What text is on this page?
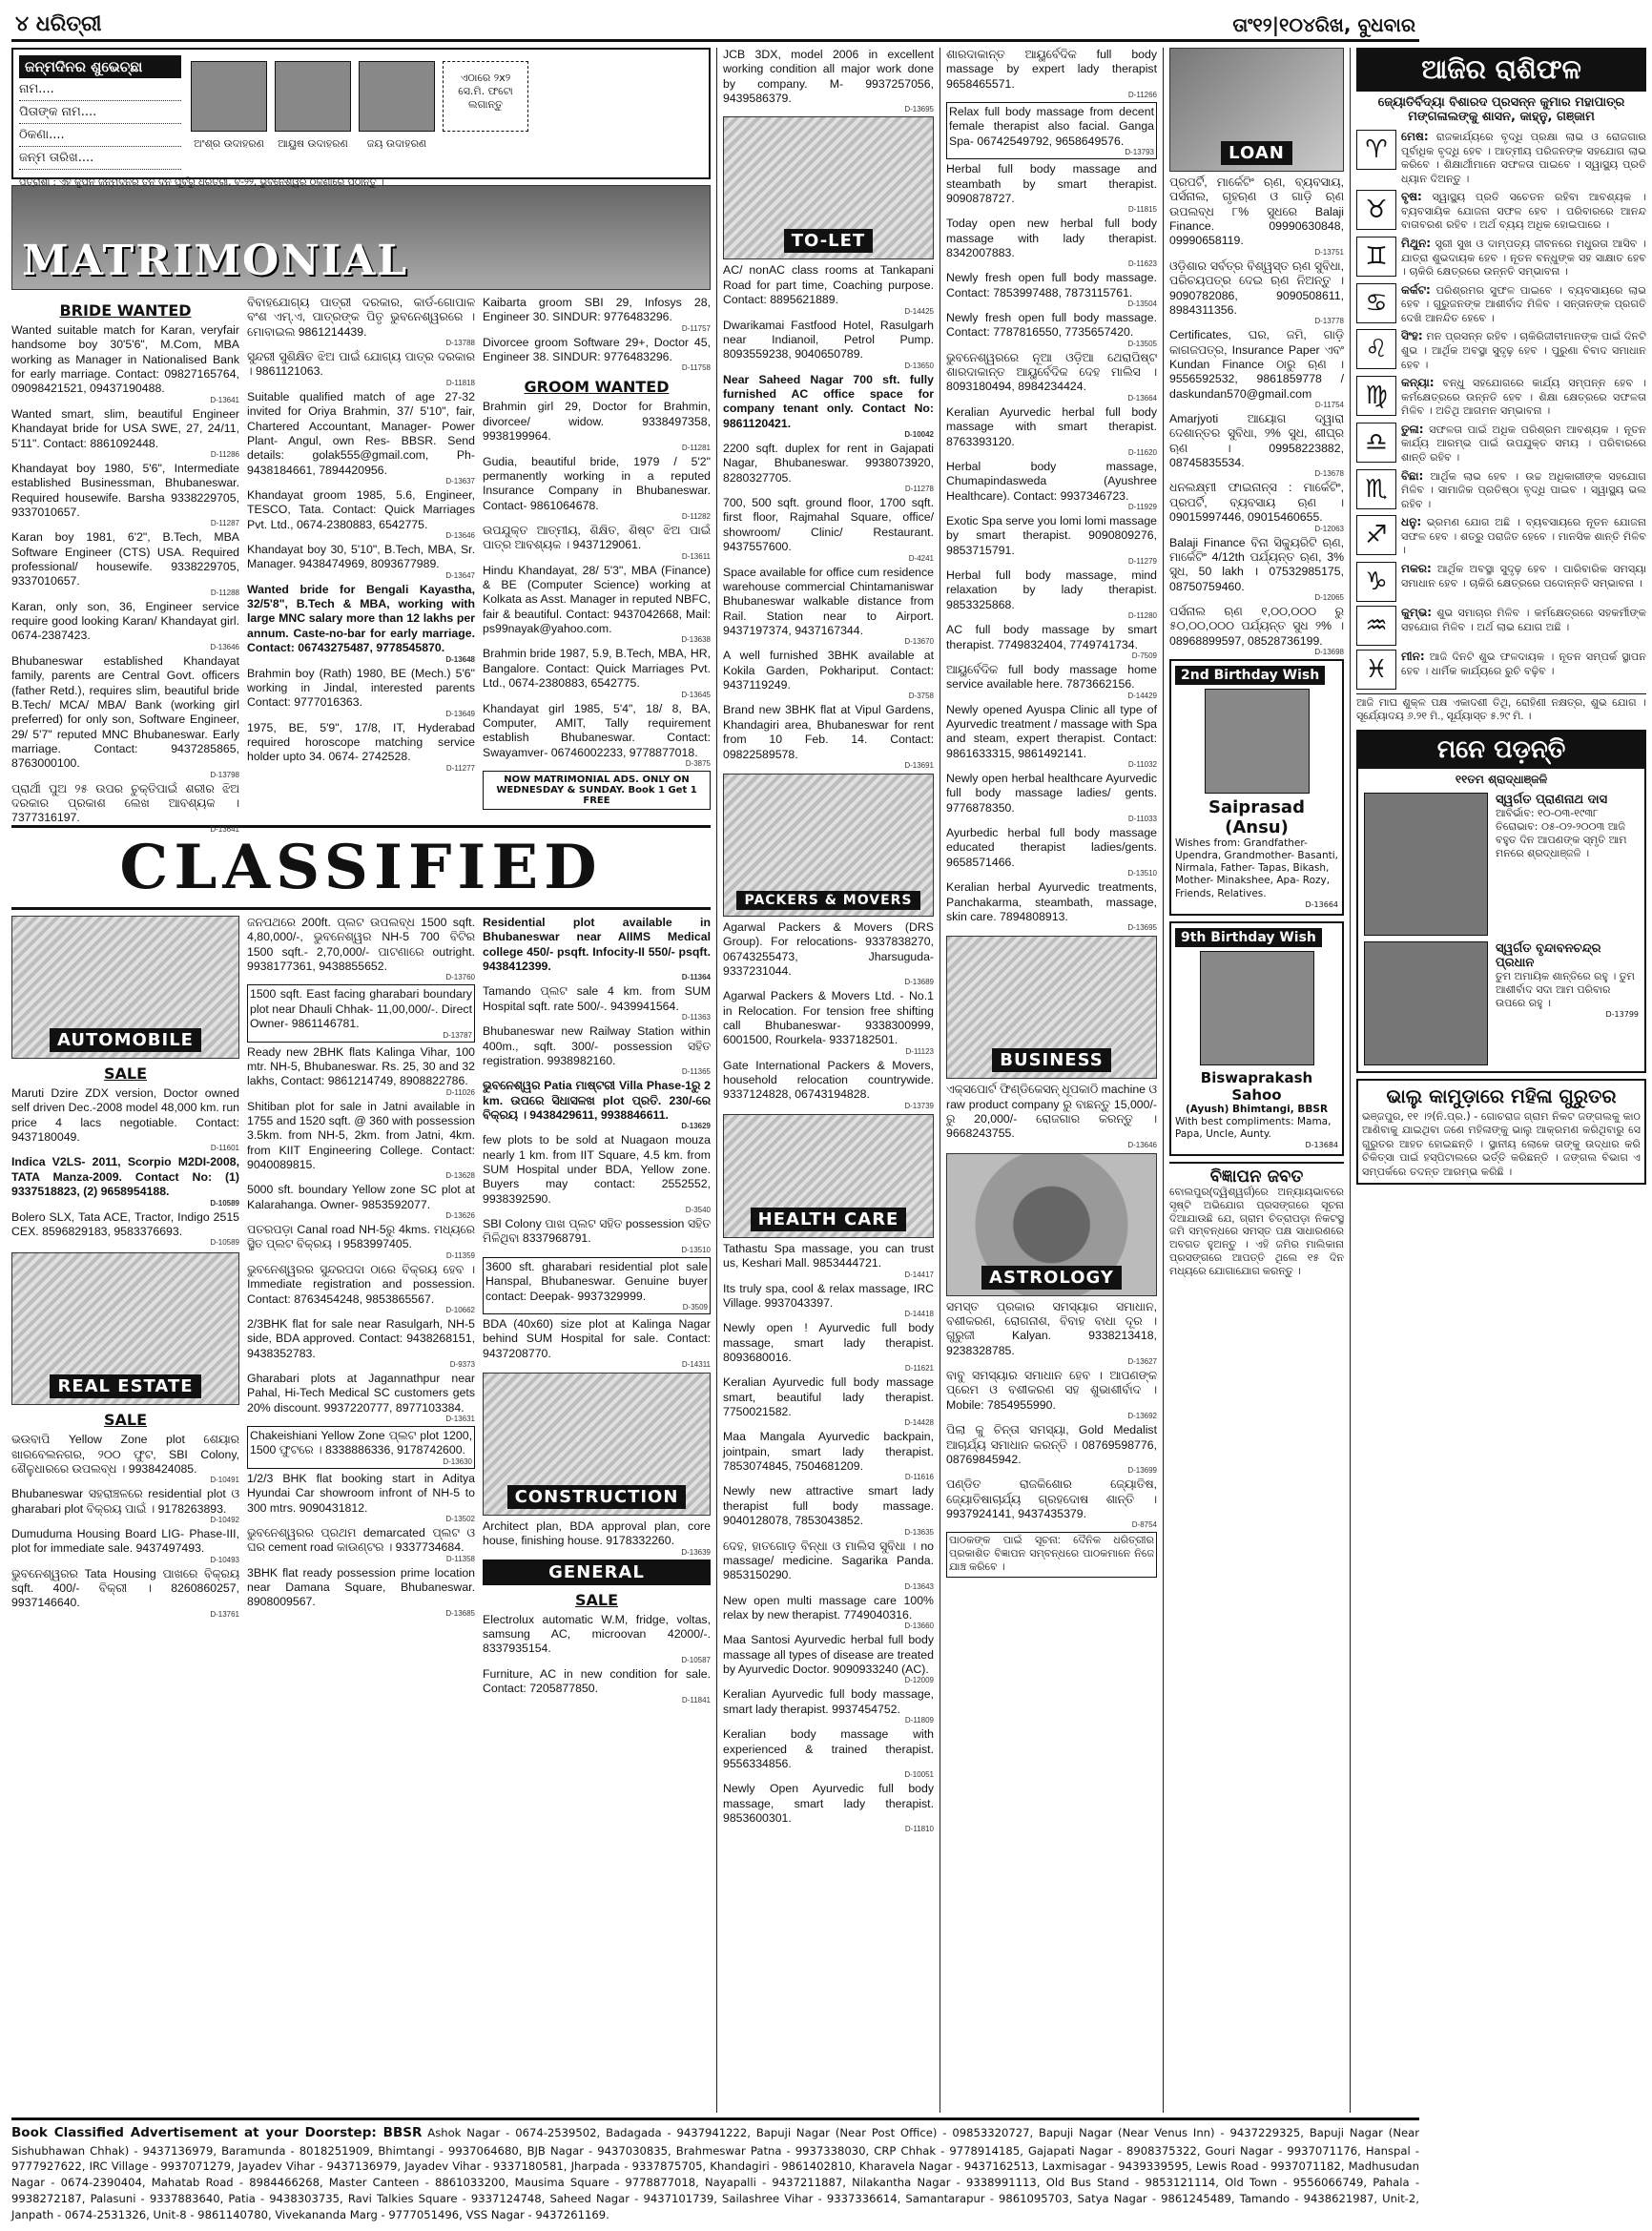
୪ ଧରିତ୍ରୀ	ତାଂ୧୨|୧୦୪ରିଖ, ବୁଧବାର
ଜନ୍ମଦିନର ଶୁଭେଚ୍ଛା
ନାମ....
ପିତାଙ୍କ ନାମ....
ଠିକଣା....
ଜନ୍ମ ତାରିଖ....
ଏଠାରେ ୨x୨ ସେ.ମି. ଫଟୋ ଲଗାନ୍ତୁ
ଅଂଶ୍ର ଉଦାହରଣ ଆୟୁଷ ଉଦାହରଣ	ଜୟ ଉଦାହରଣ
ପତ୍ରାଶା : ଏହି କୁପନ ଜନ୍ମଦିନର ତିନି ଦିନ ପୂର୍ବରୁ ଧରିତ୍ରୀ, ବି-୨୨, ଭୁବନେଶ୍ୱର ଠିକଣାରେ ପଠାନ୍ତୁ ।
MATRIMONIAL
BRIDE WANTED
Wanted suitable match for Karan, veryfair handsome boy 30'5'6", M.Com, MBA working as Manager in Nationalised Bank for early marriage. Contact: 09827165764, 09098421521, 09437190488.
D-13641
Wanted smart, slim, beautiful Engineer Khandayat bride for USA SWE, 27, 24/11, 5'11". Contact: 8861092448.
D-11286
Khandayat boy 1980, 5'6", Intermediate established Businessman, Bhubaneswar. Required housewife. Barsha 9338229705, 9337010657.
D-11287
Karan boy 1981, 6'2", B.Tech, MBA Software Engineer (CTS) USA. Required professional/ housewife. 9338229705, 9337010657.
D-11288
Karan, only son, 36, Engineer service require good looking Karan/ Khandayat girl. 0674-2387423.
D-13646
Bhubaneswar established Khandayat family, parents are Central Govt. officers (father Retd.), requires slim, beautiful bride B.Tech/ MCA/ MBA/ Bank (working girl preferred) for only son, Software Engineer, 29/ 5'7" reputed MNC Bhubaneswar. Early marriage. Contact: 9437285865, 8763000100.
D-13798
ପ୍ରାର୍ଥୀ ପୁଅ ୨୫ ଉପର ଚୁକ୍ତିପାଇଁ ଶରୀର ଝିଅ ଦରକାର ପ୍ରକାଶ ଲେଖ ଆବଶ୍ୟକ । 7377316197.
D-13641
ବିବାହଯୋଗ୍ୟ ପାତ୍ରୀ ଦରକାର, କାର୍ଡ-ଗୋପାଳ ବଂଶ ଏମ୍.ଏ, ପାତ୍ରଙ୍କ ପିତୃ ଭୁବନେଶ୍ୱରରେ । ମୋବାଇଲ 9861214439.
D-13788
ସୁନ୍ଦରୀ ସୁଶିକ୍ଷିତ ଝିଅ ପାଇଁ ଯୋଗ୍ୟ ପାତ୍ର ଦରକାର । 9861121063.
D-11818
Suitable qualified match of age 27-32 invited for Oriya Brahmin, 37/ 5'10", fair, Chartered Accountant, Manager- Power Plant- Angul, own Res- BBSR. Send details: golak555@gmail.com, Ph-9438184661, 7894420956.
D-13637
Khandayat groom 1985, 5.6, Engineer, TESCO, Tata. Contact: Quick Marriages Pvt. Ltd., 0674-2380883, 6542775.
D-13646
Khandayat boy 30, 5'10", B.Tech, MBA, Sr. Manager. 9438474969, 8093677989.
D-13647
Wanted bride for Bengali Kayastha, 32/5'8", B.Tech & MBA, working with large MNC salary more than 12 lakhs per annum. Caste-no-bar for early marriage. Contact: 06743275487, 9778545870.
D-13648
Brahmin boy (Rath) 1980, BE (Mech.) 5'6" working in Jindal, interested parents Contact: 9777016363.
D-13649
1975, BE, 5'9", 17/8, IT, Hyderabad required horoscope matching service holder upto 34. 0674- 2742528.
D-11277
Kaibarta groom SBI 29, Infosys 28, Engineer 30. SINDUR: 9776483296.
D-11757
Divorcee groom Software 29+, Doctor 45, Engineer 38. SINDUR: 9776483296.
D-11758
GROOM WANTED
Brahmin girl 29, Doctor for Brahmin, divorcee/ widow. 9338497358, 9938199964.
D-11281
Gudia, beautiful bride, 1979 / 5'2" permanently working in a reputed Insurance Company in Bhubaneswar. Contact- 9861064678.
D-11282
ଉପଯୁକ୍ତ ଆତ୍ମୀୟ, ଶିକ୍ଷିତ, ଶିଷ୍ଟ ଝିଅ ପାଇଁ ପାତ୍ର ଆବଶ୍ୟକ । 9437129061.
D-13611
Hindu Khandayat, 28/ 5'3", MBA (Finance) & BE (Computer Science) working at Kolkata as Asst. Manager in reputed NBFC, fair & beautiful. Contact: 9437042668, Mail: ps99nayak@yahoo.com.
D-13638
Brahmin bride 1987, 5.9, B.Tech, MBA, HR, Bangalore. Contact: Quick Marriages Pvt. Ltd., 0674-2380883, 6542775.
D-13645
Khandayat girl 1985, 5'4", 18/ 8, BA, Computer, AMIT, Tally requirement establish Bhubaneswar. Contact: Swayamver- 06746002233, 9778877018.
D-3875
NOW MATRIMONIAL ADS. ONLY ON WEDNESDAY & SUNDAY. Book 1 Get 1 FREE
CLASSIFIED
AUTOMOBILE
SALE
Maruti Dzire ZDX version, Doctor owned self driven Dec.-2008 model 48,000 km. run price 4 lacs negotiable. Contact: 9437180049.
D-11601
Indica V2LS- 2011, Scorpio M2DI-2008, TATA Manza-2009. Contact No: (1) 9337518823, (2) 9658954188.
D-10589
Bolero SLX, Tata ACE, Tractor, Indigo 2515 CEX. 8596829183, 9583376693.
D-10589
REAL ESTATE
SALE
ଭଉବାପି Yellow Zone plot ଶେୟାର ଖାରବେଲନଗର, ୨୦୦ ଫୁଟ, SBI Colony, ଶୈଳୁଧାରରେ ଉପଲବ୍ଧ । 9938424085.
D-10491
Bhubaneswar ସହରାଞ୍ଚଳରେ residential plot ଓ gharabari plot ବିକ୍ରୟ ପାଇଁ । 9178263893.
D-10492
Dumuduma Housing Board LIG- Phase-III, plot for immediate sale. 9437497493.
D-10493
ଭୁବନେଶ୍ୱରର Tata Housing ପାଖରେ ବିକ୍ରୟ sqft. 400/- ବିକ୍ରୀ । 8260860257, 9937146640.
D-13761
ଜନପଥରେ 200ft. ପ୍ଲଟ ଉପଲବ୍ଧ 1500 sqft. 4,80,000/-, ଭୁବନେଶ୍ୱର NH-5 700 ବିଟିର 1500 sqft.- 2,70,000/- ପାଟଣାରେ outright. 9938177361, 9438855652.
D-13760
1500 sqft. East facing gharabari boundary plot near Dhauli Chhak- 11,00,000/-. Direct Owner- 9861146781.
D-13787
Ready new 2BHK flats Kalinga Vihar, 100 mtr. NH-5, Bhubaneswar. Rs. 25, 30 and 32 lakhs, Contact: 9861214749, 8908822786.
D-11026
Shitiban plot for sale in Jatni available in 1755 and 1520 sqft. @ 360 with possession 3.5km. from NH-5, 2km. from Jatni, 4km. from KIIT Engineering College. Contact: 9040089815.
D-13628
5000 sft. boundary Yellow zone SC plot at Kalarahanga. Owner- 9853592077.
D-13626
ପତରପଡ଼ା Canal road NH-5ରୁ 4kms. ମଧ୍ୟରେ ସ୍ଥିତ ପ୍ଲଟ ବିକ୍ରୟ । 9583997405.
D-11359
ଭୁବନେଶ୍ୱରର ସୁନ୍ଦରପଦା ଠାରେ ବିକ୍ରୟ ହେବ । Immediate registration and possession. Contact: 8763454248, 9853865567.
D-10662
2/3BHK flat for sale near Rasulgarh, NH-5 side, BDA approved. Contact: 9438268151, 9438352783.
D-9373
Gharabari plots at Jagannathpur near Pahal, Hi-Tech Medical SC customers gets 20% discount. 9937220777, 8977103384.
D-13631
Chakeishiani Yellow Zone ପ୍ଲଟ plot 1200, 1500 ଫୁଟରେ । 8338886336, 9178742600.
D-13630
1/2/3 BHK flat booking start in Aditya Hyundai Car showroom infront of NH-5 to 300 mtrs. 9090431812.
D-13502
ଭୁବନେଶ୍ୱରର ପ୍ରଥମ demarcated ପ୍ଲଟ ଓ ଘର cement road କାଉଣ୍ଟର । 9337734684.
D-11358
3BHK flat ready possession prime location near Damana Square, Bhubaneswar. 8908009567.
D-13685
Residential plot available in Bhubaneswar near AIIMS Medical college 450/- psqft. Infocity-II 550/- psqft. 9438412399.
D-11364
Tamando ପ୍ଲଟ sale 4 km. from SUM Hospital sqft. rate 500/-. 9439941564.
D-11363
Bhubaneswar new Railway Station within 400m., sqft. 300/- possession ସହିତ registration. 9938982160.
D-11365
ଭୁବନେଶ୍ୱର Patia ମାଷ୍ଟରୀ Villa Phase-1ରୁ 2 km. ଉପରେ ସିଧାସଳଖ plot ପ୍ରତି. 230/-ରେ ବିକ୍ରୟ । 9438429611, 9938846611.
D-13629
few plots to be sold at Nuagaon mouza nearly 1 km. from IIT Square, 4.5 km. from SUM Hospital under BDA, Yellow zone. Buyers may contact: 2552552, 9938392590.
D-3540
SBI Colony ପାଖ ପ୍ଲଟ ସହିତ possession ସହିତ ମିଳିଥିବା 8337968791.
D-13510
3600 sft. gharabari residential plot sale Hanspal, Bhubaneswar. Genuine buyer contact: Deepak- 9937329999.
D-3509
BDA (40x60) size plot at Kalinga Nagar behind SUM Hospital for sale. Contact: 9437208770.
D-14311
CONSTRUCTION
Architect plan, BDA approval plan, core house, finishing house. 9178332260.
D-13639
GENERAL
SALE
Electrolux automatic W.M, fridge, voltas, samsung AC, microovan 42000/-. 8337935154.
D-10587
Furniture, AC in new condition for sale. Contact: 7205877850.
D-11841
JCB 3DX, model 2006 in excellent working condition all major work done by company. M- 9937257056, 9439586379.
D-13695
TO-LET
AC/ nonAC class rooms at Tankapani Road for part time, Coaching purpose. Contact: 8895621889.
D-14425
Dwarikamai Fastfood Hotel, Rasulgarh near Indianoil, Petrol Pump. 8093559238, 9040650789.
D-13650
Near Saheed Nagar 700 sft. fully furnished AC office space for company tenant only. Contact No: 9861120421.
D-10042
2200 sqft. duplex for rent in Gajapati Nagar, Bhubaneswar. 9938073920, 8280327705.
D-11278
700, 500 sqft. ground floor, 1700 sqft. first floor, Rajmahal Square, office/ showroom/ Clinic/ Restaurant. 9437557600.
D-4241
Space available for office cum residence warehouse commercial Chintamaniswar Bhubaneswar walkable distance from Rail. Station near to Airport. 9437197374, 9437167344.
D-13670
A well furnished 3BHK available at Kokila Garden, Pokhariput. Contact: 9437119249.
D-3758
Brand new 3BHK flat at Vipul Gardens, Khandagiri area, Bhubaneswar for rent from 10 Feb. 14. Contact: 09822589578.
D-13691
PACKERS & MOVERS
Agarwal Packers & Movers (DRS Group). For relocations- 9337838270, 06743255473, Jharsuguda- 9337231044.
D-13689
Agarwal Packers & Movers Ltd. - No.1 in Relocation. For tension free shifting call Bhubaneswar- 9338300999, 6001500, Rourkela- 9337182501.
D-11123
Gate International Packers & Movers, household relocation countrywide. 9337124828, 06743194828.
D-13739
HEALTH CARE
Tathastu Spa massage, you can trust us, Keshari Mall. 9853444721.
D-14417
Its truly spa, cool & relax massage, IRC Village. 9937043397.
D-14418
Newly open ! Ayurvedic full body massage, smart lady therapist. 8093680016.
D-11621
Keralian Ayurvedic full body massage smart, beautiful lady therapist. 7750021582.
D-14428
Maa Mangala Ayurvedic backpain, jointpain, smart lady therapist. 7853074845, 7504681209.
D-11616
Newly new attractive smart lady therapist full body massage. 9040128078, 7853043852.
D-13635
ଦେହ, ହାତଗୋଡ଼ ବିନ୍ଧା ଓ ମାଲିସ ସୁବିଧା । no massage/ medicine. Sagarika Panda. 9853150290.
D-13643
New open multi massage care 100% relax by new therapist. 7749040316.
D-13660
Maa Santosi Ayurvedic herbal full body massage all types of disease are treated by Ayurvedic Doctor. 9090933240 (AC).
D-12009
Keralian Ayurvedic full body massage, smart lady therapist. 9937454752.
D-11809
Keralian body massage with experienced & trained therapist. 9556334856.
D-10051
Newly Open Ayurvedic full body massage, smart lady therapist. 9853600301.
D-11810
ଶାରଦାକାନ୍ତ ଆୟୁର୍ବେଦିକ full body massage by expert lady therapist 9658465571.
D-11266
Relax full body massage from decent female therapist also facial. Ganga Spa- 06742549792, 9658649576.
D-13793
Herbal full body massage and steambath by smart therapist. 9090878727.
D-11815
Today open new herbal full body massage with lady therapist. 8342007883.
D-11623
Newly fresh open full body massage. Contact: 7853997488, 7873115761.
D-13504
Newly fresh open full body massage. Contact: 7787816550, 7735657420.
D-13505
ଭୁବନେଶ୍ୱରରେ ନୂଆ ଓଡ଼ିଆ ଥେରାପିଷ୍ଟ ଶାରଦାକାନ୍ତ ଆୟୁର୍ବେଦିକ ଦେହ ମାଲିସ । 8093180494, 8984234424.
D-13664
Keralian Ayurvedic herbal full body massage with smart therapist. 8763393120.
D-11620
Herbal body massage, Chumapindasweda (Ayushree Healthcare). Contact: 9937346723.
D-11929
Exotic Spa serve you lomi lomi massage by smart therapist. 9090809276, 9853715791.
D-11279
Herbal full body massage, mind relaxation by lady therapist. 9853325868.
D-11280
AC full body massage by smart therapist. 7749832404, 7749741734.
D-7509
ଆୟୁର୍ବେଦିକ full body massage home service available here. 7873662156.
D-14429
Newly opened Ayuspa Clinic all type of Ayurvedic treatment / massage with Spa and steam, expert therapist. Contact: 9861633315, 9861492141.
D-11032
Newly open herbal healthcare Ayurvedic full body massage ladies/ gents. 9776878350.
D-11033
Ayurbedic herbal full body massage educated therapist ladies/gents. 9658571466.
D-13510
Keralian herbal Ayurvedic treatments, Panchakarma, steambath, massage, skin care. 7894808913.
D-13695
BUSINESS
ଏକ୍ସପୋର୍ଟ ଫିଣ୍ଡିକେସନ୍ ଧୂପକାଠି machine ଓ raw product company ରୁ ବାଛନ୍ତୁ 15,000/- ରୁ 20,000/- ରୋଜଗାର କରନ୍ତୁ । 9668243755.
D-13646
ASTROLOGY
ସମସ୍ତ ପ୍ରକାର ସମସ୍ୟାର ସମାଧାନ, ବଶୀକରଣ, ରୋଗନାଶ, ବିବାହ ବାଧା ଦୂର । ଗୁରୁଜୀ Kalyan. 9338213418, 9238328785.
D-13627
ବାବୁ ସମସ୍ୟାର ସମାଧାନ ହେବ । ଆପଣଙ୍କ ପ୍ରେମ ଓ ବଶୀକରଣ ସହ ଶୁଭାଶୀର୍ବାଦ । Mobile: 7854955990.
D-13692
ପିଲା କୁ ଚିନ୍ତା ସମସ୍ୟା, Gold Medalist ଆଚାର୍ଯ୍ୟ ସମାଧାନ କରନ୍ତି । 08769598776, 08769845942.
D-13699
ପଣ୍ଡିତ ରାଜକିଶୋର ଜ୍ୟୋତିଷ, ଜ୍ୟୋତିଷାଚାର୍ଯ୍ୟ ଗ୍ରହଦୋଷ ଶାନ୍ତି । 9937924141, 9437435379.
D-8754
ପାଠକଙ୍କ ପାଇଁ ସୂଚନା: ଦୈନିକ ଧରିତ୍ରୀର ପ୍ରକାଶିତ ବିଜ୍ଞାପନ ସମ୍ବନ୍ଧରେ ପାଠକମାନେ ନିଜେ ଯାଞ୍ଚ କରିବେ ।
LOAN
ପ୍ରପର୍ଟି, ମାର୍କେଟିଂ ଋଣ, ବ୍ୟବସାୟ, ପର୍ସନାଲ, ଗୃହଋଣ ଓ ଗାଡ଼ି ଋଣ ଉପଲବ୍ଧ ୮% ସୁଧରେ Balaji Finance. 09990630848, 09990658119.
D-13751
ଓଡ଼ିଶାର ସର୍ବତ୍ର ବିଶ୍ୱସ୍ତ ଋଣ ସୁବିଧା, ପରିଚୟପତ୍ର ଦେଇ ଋଣ ନିଅନ୍ତୁ । 9090782086, 9090508611, 8984311356.
D-13778
Certificates, ଘର, ଜମି, ଗାଡ଼ି କାଗଜପତ୍ର, Insurance Paper ଏବଂ Kundan Finance ଠାରୁ ଋଣ । 9556592532, 9861859778 / daskundan570@gmail.com
D-11754
Amarjyoti ଆୟୋଗ ଦ୍ୱାରା ଦେଶାନ୍ତର ସୁବିଧା, ୨% ସୁଧ, ଶୀଘ୍ର ଋଣ । 09958223882, 08745835534.
D-13678
ଧନଲକ୍ଷ୍ମୀ ଫାଇନାନ୍ସ : ମାର୍କେଟିଂ, ପ୍ରପର୍ଟି, ବ୍ୟବସାୟ ଋଣ । 09015997446, 09015460655.
D-12063
Balaji Finance ବିନା ସିକ୍ୟୁରିଟି ଋଣ, ମାର୍କେଟିଂ 4/12th ପର୍ଯ୍ୟନ୍ତ ଋଣ, 3% ସୁଧ, 50 lakh । 07532985175, 08750759460.
D-12065
ପର୍ସନାଲ ଋଣ ୧,୦୦,୦୦୦ ରୁ ୫୦,୦୦,୦୦୦ ପର୍ଯ୍ୟନ୍ତ ସୁଧ ୨% । 08968899597, 08528736199.
D-13698
2nd Birthday Wish
Saiprasad (Ansu)
Wishes from: Grandfather- Upendra, Grandmother- Basanti, Nirmala, Father- Tapas, Bikash, Mother- Minakshee, Apa- Rozy, Friends, Relatives.
D-13664
9th Birthday Wish
Biswaprakash Sahoo
(Ayush) Bhimtangi, BBSR
With best compliments: Mama, Papa, Uncle, Aunty.
D-13684
ବିଜ୍ଞାପନ ଜବତ
ବୋଲପୁର(ଦ୍ୱିଶ୍ୱର୍ଗ)ରେ ଅନ୍ୟାୟଭାବରେ ସୃଷ୍ଟି ଅଭିଯୋଗ ପ୍ରସଙ୍ଗରେ ସୂଚନା ଦିଆଯାଉଛି ଯେ, ଗ୍ରାମ ଚିତ୍ରାପଡ଼ା ନିକଟସ୍ଥ ଜମି ସମ୍ବନ୍ଧରେ ସମସ୍ତ ପକ୍ଷ ସାଧାରଣରେ ଅବଗତ ହୁଅନ୍ତୁ । ଏହି ଜମିର ମାଲିକାନା ପ୍ରସଙ୍ଗରେ ଆପତ୍ତି ଥିଲେ ୧୫ ଦିନ ମଧ୍ୟରେ ଯୋଗାଯୋଗ କରନ୍ତୁ ।
ଆଜିର ରାଶିଫଳ
ଜ୍ୟୋତିର୍ବିଦ୍ୟା ବିଶାରଦ ପ୍ରସନ୍ନ କୁମାର ମହାପାତ୍ର ମଙ୍ଗଳାଲଙ୍କୁ ଶାସନ, କାହ୍ନୁ, ଗଞ୍ଜାମ
♈	ମେଷ: ରାଜକାର୍ଯ୍ୟରେ ବୃଦ୍ଧି ପ୍ରକ୍ଷା ଲାଭ ଓ ରୋଜଗାର ପୂର୍ବାଧିକ ବୃଦ୍ଧି ହେବ । ଆତ୍ମୀୟ ପରିଜନଙ୍କ ସହଯୋଗ ଲାଭ କରିବେ । ଶିକ୍ଷାର୍ଥୀମାନେ ସଫଳତା ପାଇବେ । ସ୍ୱାସ୍ଥ୍ୟ ପ୍ରତି ଧ୍ୟାନ ଦିଅନ୍ତୁ ।
♉	ବୃଷ: ସ୍ୱାସ୍ଥ୍ୟ ପ୍ରତି ସଚେତନ ରହିବା ଆବଶ୍ୟକ । ବ୍ୟବସାୟିକ ଯୋଜନା ସଫଳ ହେବ । ପରିବାରରେ ଆନନ୍ଦ ବାତାବରଣ ରହିବ । ଅର୍ଥ ବ୍ୟୟ ଅଧିକ ହୋଇପାରେ ।
♊	ମିଥୁନ: ସ୍ତ୍ରୀ ସୁଖ ଓ ଦାମ୍ପତ୍ୟ ଜୀବନରେ ମଧୁରତା ଆସିବ । ଯାତ୍ରା ଶୁଭଦାୟକ ହେବ । ନୂତନ ବନ୍ଧୁଙ୍କ ସହ ସାକ୍ଷାତ ହେବ । ଚାକିରି କ୍ଷେତ୍ରରେ ଉନ୍ନତି ସମ୍ଭାବନା ।
♋	କର୍କଟ: ପରିଶ୍ରମର ସୁଫଳ ପାଇବେ । ବ୍ୟବସାୟରେ ଲାଭ ହେବ । ଗୁରୁଜନଙ୍କ ଆଶୀର୍ବାଦ ମିଳିବ । ସନ୍ତାନଙ୍କ ପ୍ରଗତି ଦେଖି ଆନନ୍ଦିତ ହେବେ ।
♌	ସିଂହ: ମନ ପ୍ରସନ୍ନ ରହିବ । ଚାକିରିଜୀବୀମାନଙ୍କ ପାଇଁ ଦିନଟି ଶୁଭ । ଆର୍ଥିକ ଅବସ୍ଥା ସୁଦୃଢ଼ ହେବ । ପୁରୁଣା ବିବାଦ ସମାଧାନ ହେବ ।
♍	କନ୍ୟା: ବନ୍ଧୁ ସହଯୋଗରେ କାର୍ଯ୍ୟ ସମ୍ପନ୍ନ ହେବ । କର୍ମକ୍ଷେତ୍ରରେ ଉନ୍ନତି ହେବ । ଶିକ୍ଷା କ୍ଷେତ୍ରରେ ସଫଳତା ମିଳିବ । ଅତିଥି ଆଗମନ ସମ୍ଭାବନା ।
♎	ତୁଳା: ସଫଳତା ପାଇଁ ଅଧିକ ପରିଶ୍ରମ ଆବଶ୍ୟକ । ନୂତନ କାର୍ଯ୍ୟ ଆରମ୍ଭ ପାଇଁ ଉପଯୁକ୍ତ ସମୟ । ପରିବାରରେ ଶାନ୍ତି ରହିବ ।
♏	ବିଛା: ଆର୍ଥିକ ଲାଭ ହେବ । ଉଚ୍ଚ ଅଧିକାରୀଙ୍କ ସହଯୋଗ ମିଳିବ । ସାମାଜିକ ପ୍ରତିଷ୍ଠା ବୃଦ୍ଧି ପାଇବ । ସ୍ୱାସ୍ଥ୍ୟ ଭଲ ରହିବ ।
♐	ଧନୁ: ଭ୍ରମଣ ଯୋଗ ଅଛି । ବ୍ୟବସାୟରେ ନୂତନ ଯୋଜନା ସଫଳ ହେବ । ଶତ୍ରୁ ପରାଜିତ ହେବେ । ମାନସିକ ଶାନ୍ତି ମିଳିବ ।
♑	ମକର: ଆର୍ଥିକ ଅବସ୍ଥା ସୁଦୃଢ଼ ହେବ । ପାରିବାରିକ ସମସ୍ୟା ସମାଧାନ ହେବ । ଚାକିରି କ୍ଷେତ୍ରରେ ପଦୋନ୍ନତି ସମ୍ଭାବନା ।
♒	କୁମ୍ଭ: ଶୁଭ ସମାଚାର ମିଳିବ । କର୍ମକ୍ଷେତ୍ରରେ ସହକର୍ମୀଙ୍କ ସହଯୋଗ ମିଳିବ । ଅର୍ଥ ଲାଭ ଯୋଗ ଅଛି ।
♓	ମୀନ: ଆଜି ଦିନଟି ଶୁଭ ଫଳଦାୟକ । ନୂତନ ସମ୍ପର୍କ ସ୍ଥାପନ ହେବ । ଧାର୍ମିକ କାର୍ଯ୍ୟରେ ରୁଚି ବଢ଼ିବ ।
ଆଜି ମାଘ ଶୁକ୍ଳ ପକ୍ଷ ଏକାଦଶୀ ତିଥି, ରୋହିଣୀ ନକ୍ଷତ୍ର, ଶୁଭ ଯୋଗ । ସୂର୍ଯ୍ୟୋଦୟ ୬.୨୧ ମି., ସୂର୍ଯ୍ୟାସ୍ତ ୫.୨୯ ମି. ।
ମନେ ପଡ଼ନ୍ତି
୧୧ତମ ଶ୍ରାଦ୍ଧାଞ୍ଜଳି
ସ୍ୱର୍ଗତ ପ୍ରାଣନାଥ ଦାସ
ଆବିର୍ଭାବ: ୧୦-୦୩-୧୯୩୮ ତିରୋଭାବ: ୦୫-୦୨-୨୦୦୩ ଆଜି ବହୁତ ଦିନ ଆପଣଙ୍କ ସ୍ମୃତି ଆମ ମନରେ ଶ୍ରଦ୍ଧାଞ୍ଜଳି ।
ସ୍ୱର୍ଗତ ବୃନ୍ଦାବନଚନ୍ଦ୍ର ପ୍ରଧାନ
ତୁମ ଅମାୟିକ ଶାନ୍ତିରେ ରହୁ । ତୁମ ଆଶୀର୍ବାଦ ସଦା ଆମ ପରିବାର ଉପରେ ରହୁ ।
D-13799
ଭାଲୁ କାମୁଡ଼ାରେ ମହିଳା ଗୁରୁତର
ଭଞ୍ଜପୁର, ୧୧ ।୨(ନି.ପ୍ର.) - ଗୋଚରାଜ ଗ୍ରାମ ନିକଟ ଜଙ୍ଗଲକୁ କାଠ ଆଣିବାକୁ ଯାଇଥିବା ଜଣେ ମହିଳାଙ୍କୁ ଭାଲୁ ଆକ୍ରମଣ କରିଥିବାରୁ ସେ ଗୁରୁତର ଆହତ ହୋଇଛନ୍ତି । ସ୍ଥାନୀୟ ଲୋକେ ତାଙ୍କୁ ଉଦ୍ଧାର କରି ଚିକିତ୍ସା ପାଇଁ ହସ୍ପିଟାଲରେ ଭର୍ତ୍ତି କରିଛନ୍ତି । ଜଙ୍ଗଲ ବିଭାଗ ଏ ସମ୍ପର୍କରେ ତଦନ୍ତ ଆରମ୍ଭ କରିଛି ।
Book Classified Advertisement at your Doorstep: BBSR Ashok Nagar - 0674-2539502, Badagada - 9437941222, Bapuji Nagar (Near Post Office) - 09853320727, Bapuji Nagar (Near Venus Inn) - 9437229325, Bapuji Nagar (Near Sishubhawan Chhak) - 9437136979, Baramunda - 8018251909, Bhimtangi - 9937064680, BJB Nagar - 9437030835, Brahmeswar Patna - 9937338030, CRP Chhak - 9778914185, Gajapati Nagar - 8908375322, Gouri Nagar - 9937071176, Hanspal - 9777927622, IRC Village - 9937071279, Jayadev Vihar - 9437136979, Jayadev Vihar - 9337180581, Jharpada - 9337875705, Khandagiri - 9861402810, Kharavela Nagar - 9437162513, Laxmisagar - 9439339595, Lewis Road - 9937071182, Madhusudan Nagar - 0674-2390404, Mahatab Road - 8984466268, Master Canteen - 8861033200, Mausima Square - 9778877018, Nayapalli - 9437211887, Nilakantha Nagar - 9338991113, Old Bus Stand - 9853121114, Old Town - 9556066749, Pahala - 9938272187, Palasuni - 9337883640, Patia - 9438303735, Ravi Talkies Square - 9337124748, Saheed Nagar - 9437101739, Sailashree Vihar - 9337336614, Samantarapur - 9861095703, Satya Nagar - 9861245489, Tamando - 9438621987, Unit-2, Janpath - 0674-2531326, Unit-8 - 9861140780, Vivekananda Marg - 9777051496, VSS Nagar - 9437261169.
